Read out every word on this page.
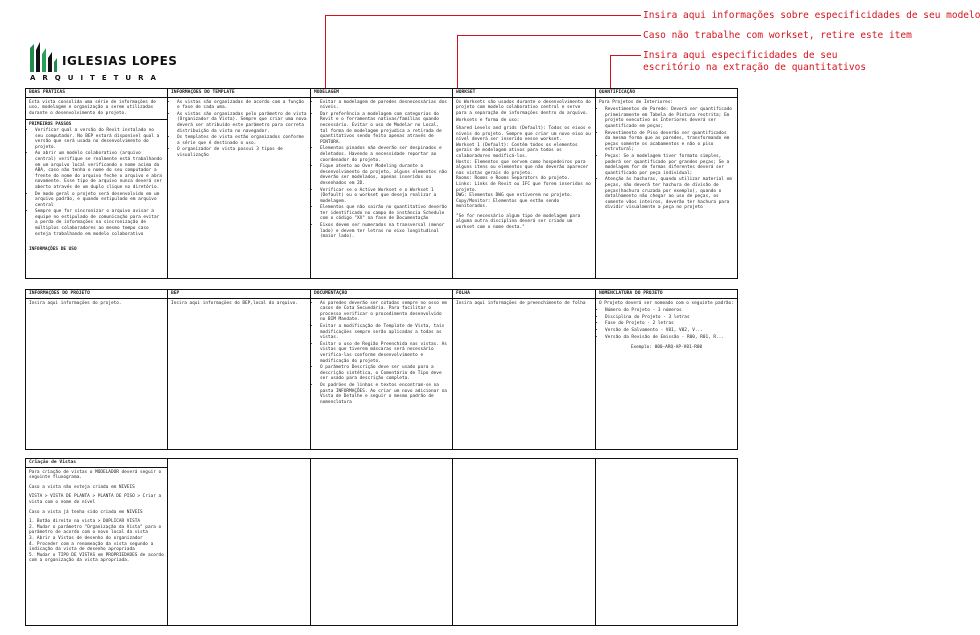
IGLESIAS LOPES
ARQUITETURA
Insira aqui informações sobre especificidades de seu modelo
Caso não trabalhe com workset, retire este item
Insira aqui especificidades de seu
escritório na extração de quantitativos
BOAS PRÁTICAS

Esta vista consolida uma série de informações de uso, modelagem e organização a serem utilizadas durante o desenvolvimento do projeto.

PRIMEIROS PASSOS
• Verificar qual a versão do Revit instalado no seu computador. No BEP estará disponível qual a versão que será usada no desenvolvimento do projeto.
• Ao abrir um modelo colaborativo (arquivo central) verifique se realmente está trabalhando em um arquivo local verificando o nome acima da ABA, caso não tenha o nome do seu computador a frente do nome do arquivo feche o arquivo e abra novamente. Esse tipo de arquivo nunca deverá ser aberto através de um duplo clique no diretório.
• De modo geral o projeto será desenvolvido em um arquivo padrão, e quando estipulado em arquivo central
• Sempre que for sincronizar o arquivo avisar a equipe no estipulado de comunicação para evitar a perda de informações na sincronização de múltiplos colaboradores ao mesmo tempo caso esteja trabalhando em modelo colaborativo
INFORMAÇÕES DE USO
INFORMAÇÕES DO TEMPLATE
• As vistas são organizadas de acordo com a função e fase de cada uma.
• As vistas são organizadas pelo parâmetro de vista (Organizador da Vista). Sempre que criar uma nova deverá ser atribuído este parâmetro para correta distribuição da vista no navegador.
• Os templates de vista estão organizados conforme a série que é destinado o uso.
• O organizador de vista possui 3 tipos de visualização
MODELAGEM
• Evitar a modelagem de paredes desnecessárias dos níveis.
• Dar preferência a modelagem com categorias do Revit e o ferramentas nativas/famílias quando necessário. Evitar o uso de Modelar no Local, tal forma de modelagem prejudica a retirada de quantitativos sendo feito apenas através de PINTURA.
• Elementos pinados não deverão ser despinados e deletados. Havendo a necessidade reportar ao coordenador do projeto.
• Fique atento ao Over Modeling durante o desenvolvimento do projeto, alguns elementos não deverão ser modelados, apenas inseridos ou desenhados em 2D.
• Verificar se o Active Workset e o Workset 1 (Default) ou o workset que deseja realizar a modelagem.
• Elementos que não sairão no quantitativo deverão ter identificado no campo de instância Schedule com o código "XX" na fase de Documentação
• Eixos devem ser numerados na transversal (menor lado) e devem ter letras no eixo longitudinal (maior lado).
WORKSET

Os Worksets são usados durante o desenvolvimento do projeto com modelo colaborativo central e serve para a separação de informações dentro do arquivo.

Worksets e forma de uso:

Shared Levels and grids (Default): Todos os eixos e níveis do projeto. Sempre que criar um novo eixo ou nível deverá ser inserido nesse workset.
Workset 1 (Default): Contém todos os elementos gerais de modelagem ativos para todos os colaboradores modificá-los.
Hosts: Elementos que servem como hospedeiros para alguns itens ou elementos que não deverão aparecer nas vistas gerais do projeto.
Rooms: Rooms e Rooms Separators do projeto.
Links: Links de Revit ou IFC que forem inseridos no projeto.
DWG: Elementos DWG que estiverem no projeto.
Copy/Monitor: Elementos que estão sendo monitorados.

"Se for necessário algum tipo de modelagem para alguma outra disciplina deverá ser criado um workset com o nome desta."

QUANTIFICAÇÃO

Para Projetos de Interiores:

• Revestimentos de Parede: Deverá ser quantificado primeiramente em Tabela de Pintura restrita; Em projeto executivo os Interiores deverá ser quantificado em peças;
• Revestimento de Piso deverão ser quantificados da mesma forma que as paredes, transformando em peças somente os acabamentos e não o piso estrutural;
• Peças: Se a modelagem tiver formato simples, poderá ser quantificado por grandes peças; Se a modelagem for de formas diferentes deverá ser quantificado por peça individual;
• Atenção às hachuras, quando utilizar material em peças, não deverá ter hachura de divisão de peças(hachura cruzada por exemplo), quando o detalhamento não chegar ao uso de peças, os somente vãos inteiros, deverão ter hachura para dividir visualmente a peça no projeto
INFORMAÇÕES DO PROJETO

Insira aqui informações do projeto.

BEP

Insira aqui informações do BEP,local do arquivo.

DOCUMENTAÇÃO
• As paredes deverão ser cotadas sempre no osso em casos de Cota Secundária. Para facilitar o processo verificar o procedimento desenvolvido no BIM Mandate.
• Evitar a modificação de Template de Vista, tais modificações sempre serão aplicadas a todas as vistas.
• Evitar o uso de Região Preenchida nas vistas. As vistas que tiverem máscaras será necessário verifica-las conforme desenvolvimento e modificação do projeto.
• O parâmetro Descrição deve ser usado para a descrição sintética, o Comentário de Tipo deve ser usado para descrição completa.
• Os padrões de linhas e textos encontram-se na pasta INFORMAÇÕES. Ao criar um novo adicionar na Vista de Detalhe e seguir o mesmo padrão de nomenclatura
FOLHA

Insira aqui informações de preenchimento de folha

NOMENCLATURA DO PROJETO

O Projeto deverá ser nomeado com o seguinte padrão:

• Número do Projeto - 3 números
• Disciplina do Projeto - 3 letras
• Fase do Projeto - 2 letras
• Versão de Salvamento - V01, V02, V...
• Versão da Revisão de Emissão - R00, R01, R...

Exemplo: 000-ARQ-AP-V01-R00

Criação de Vistas
Para criação de vistas o MODELADOR deverá seguir o seguinte fluxograma.
Caso a vista não esteja criada em NIVEIS
VISTA > VISTA DE PLANTA > PLANTA DE PISO > Criar a vista com o nome do nível
Caso a vista já tenha sido criada em NIVEIS
1. Botão direito na vista > DUPLICAR VISTA
2. Mudar o parâmetro "Organização da Vista" para o parâmetro de acordo com o novo local da vista
3. Abrir a Vistas de desenho do organizador
4. Proceder com a renomeação da vista segundo a indicação da vista de desenho apropriada
5. Mudar o TIPO DE VISTAS em PROPRIEDADES de acordo com a organização da vista apropriada.
